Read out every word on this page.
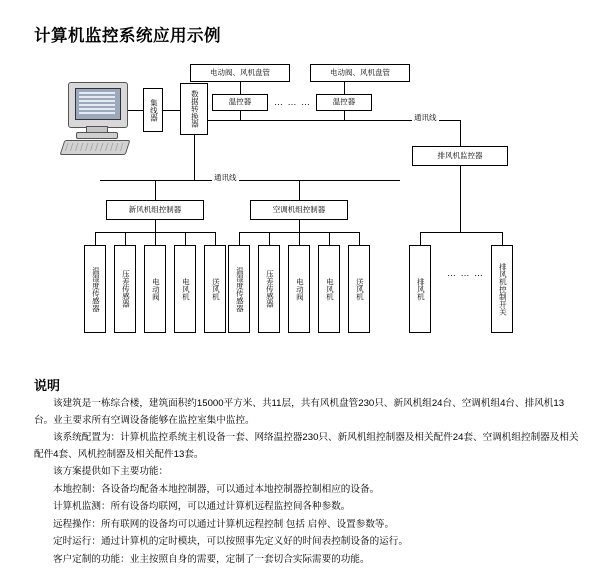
计算机监控系统应用示例
集线器	数据转换器
电动阀、风机盘管	电动阀、风机盘管
温控器	温控器
… … …
通讯线
排风机监控器
通讯线
新风机组控制器	空调机组控制器
温湿度传感器	压差传感器	电动阀	电风机	送风机 温湿度传感器	压差传感器	电动阀	电风机	送风机	排风机	排风机控制开关
… … …
说明

该建筑是一栋综合楼，建筑面积约15000平方米、共11层，共有风机盘管230只、新风机组24台、空调机组4台、排风机13台。业主要求所有空调设备能够在监控室集中监控。

该系统配置为：计算机监控系统主机设备一套、网络温控器230只、新风机组控制器及相关配件24套、空调机组控制器及相关配件4套、风机控制器及相关配件13套。

该方案提供如下主要功能：

本地控制：各设备均配备本地控制器，可以通过本地控制器控制相应的设备。

计算机监测：所有设备均联网，可以通过计算机远程监控间各种参数。

远程操作：所有联网的设备均可以通过计算机远程控制 包括 启停、设置参数等。

定时运行：通过计算机的定时模块，可以按照事先定义好的时间表控制设备的运行。

客户定制的功能：业主按照自身的需要，定制了一套切合实际需要的功能。
